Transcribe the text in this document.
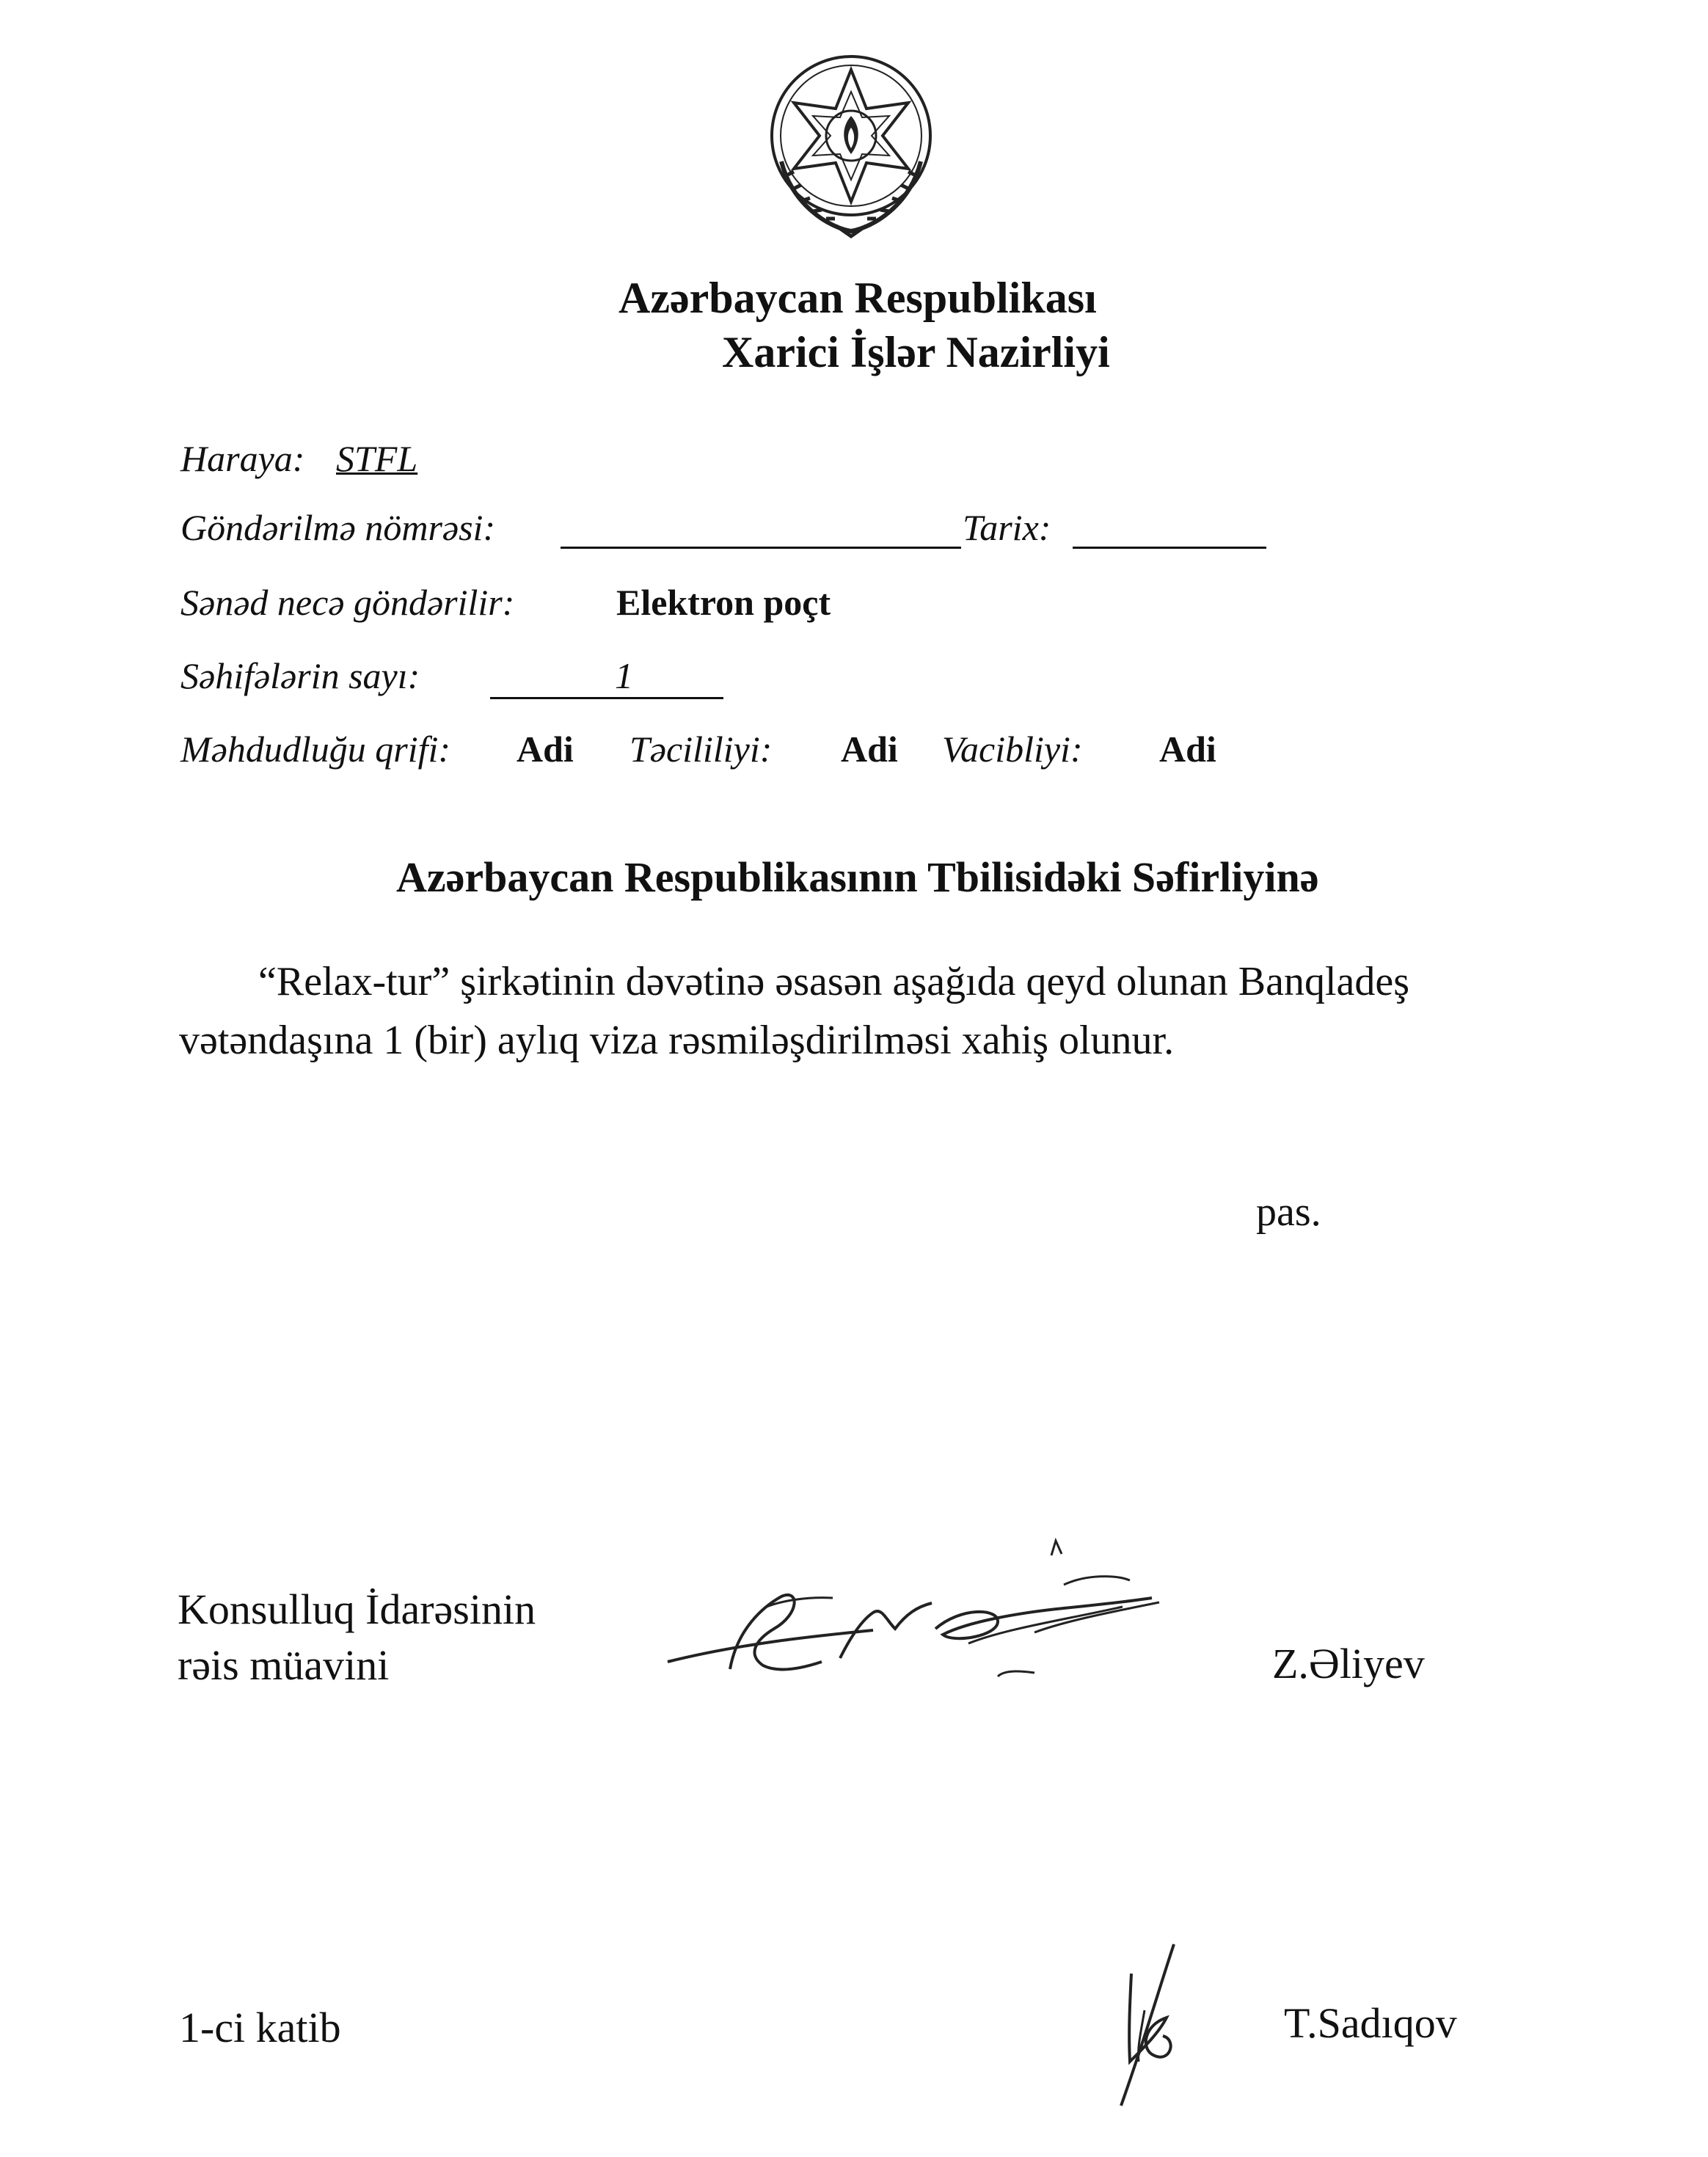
Azərbaycan Respublikası
Xarici İşlər Nazirliyi
Haraya: STFL
Göndərilmə nömrəsi:	Tarix:
Sənəd necə göndərilir:	Elektron poçt
Səhifələrin sayı:	1
Məhdudluğu qrifi: Adi Təcililiyi: Adi Vacibliyi: Adi
Azərbaycan Respublikasının Tbilisidəki Səfirliyinə
“Relax-tur” şirkətinin dəvətinə əsasən aşağıda qeyd olunan Banqladeş
vətəndaşına 1 (bir) aylıq viza rəsmiləşdirilməsi xahiş olunur.
pas.
Konsulluq İdarəsinin
rəis müavini	Z.Əliyev
1-ci katib	T.Sadıqov
